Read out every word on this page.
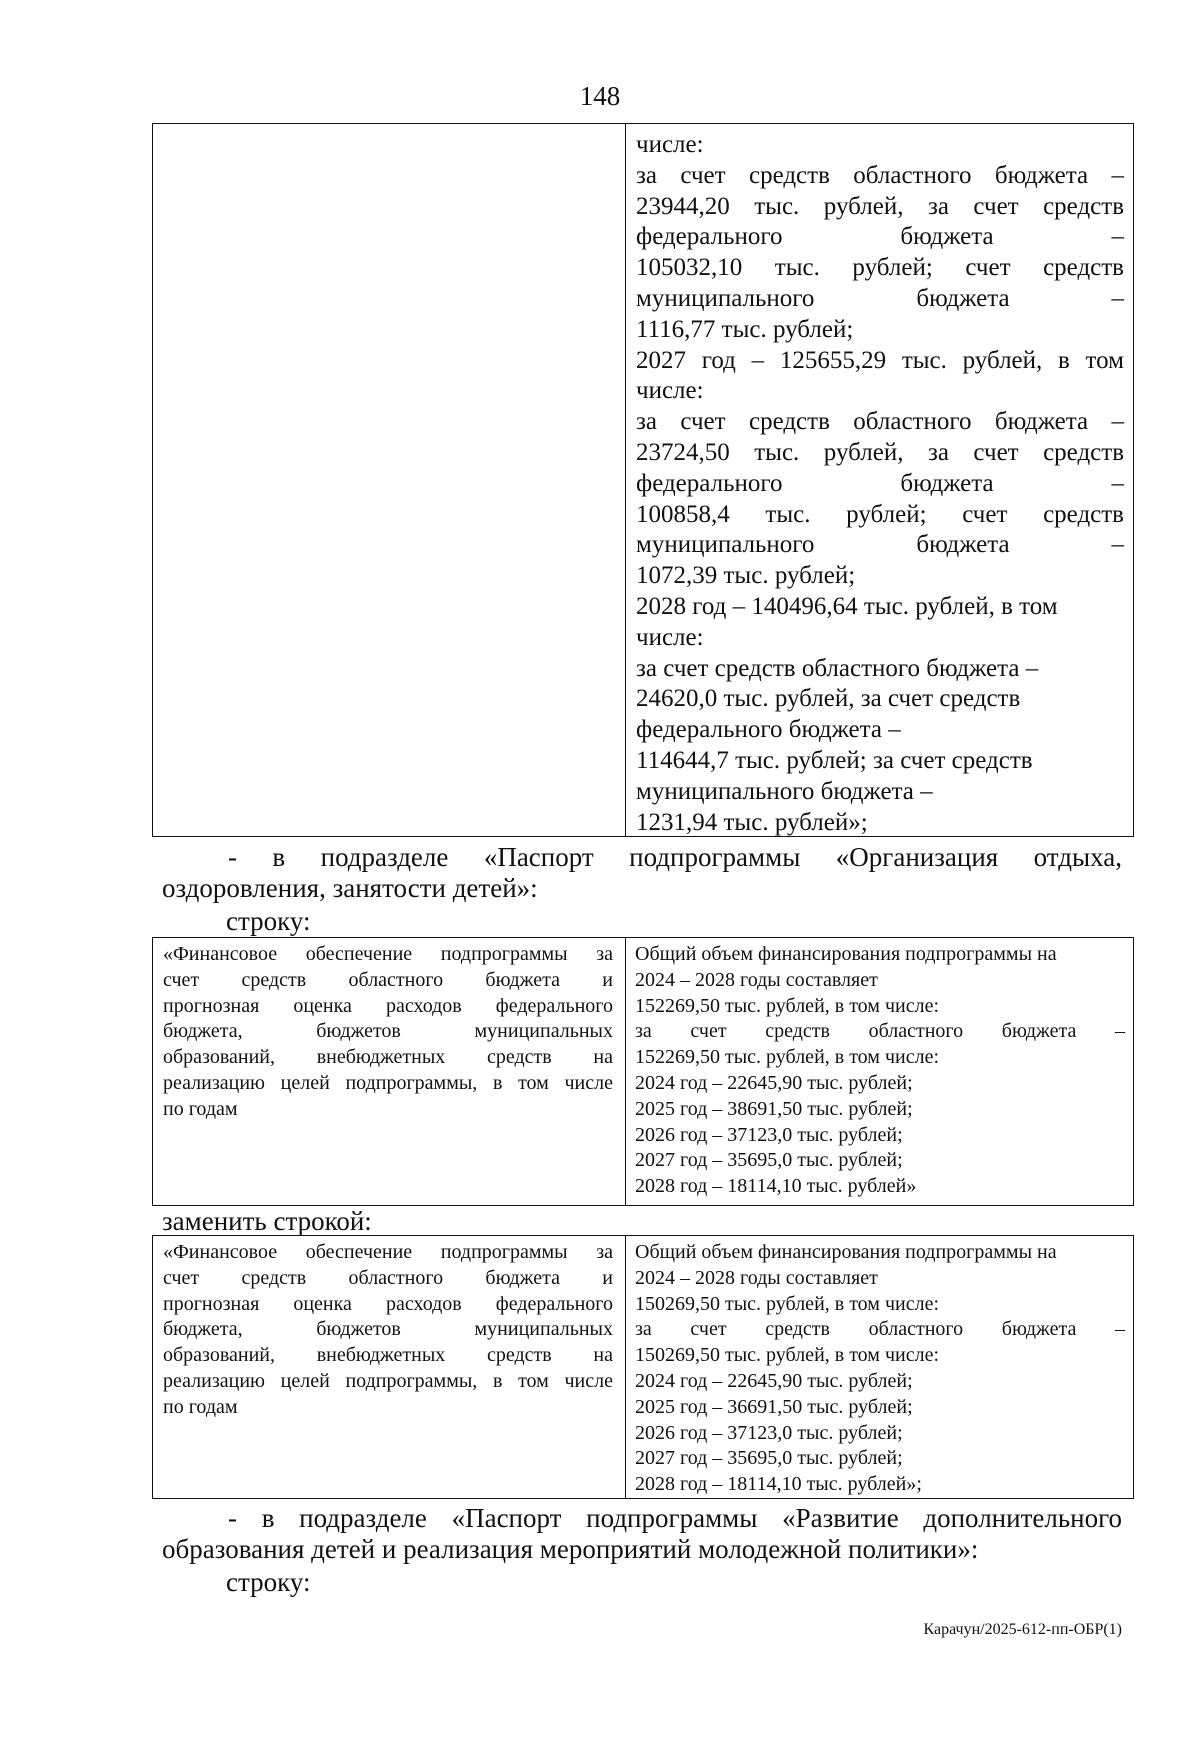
148
числе:
за счет средств областного бюджета –
23944,20 тыс. рублей, за счет средств
федерального бюджета –
105032,10 тыс. рублей; счет средств
муниципального бюджета –
1116,77 тыс. рублей;
2027 год – 125655,29 тыс. рублей, в том
числе:
за счет средств областного бюджета –
23724,50 тыс. рублей, за счет средств
федерального бюджета –
100858,4 тыс. рублей; счет средств
муниципального бюджета –
1072,39 тыс. рублей;
2028 год – 140496,64 тыс. рублей, в том
числе:
за счет средств областного бюджета –
24620,0 тыс. рублей, за счет средств
федерального бюджета –
114644,7 тыс. рублей; за счет средств
муниципального бюджета –
1231,94 тыс. рублей»;
- в подразделе «Паспорт подпрограммы «Организация отдыха,
оздоровления, занятости детей»:
строку:
«Финансовое обеспечение подпрограммы за
счет средств областного бюджета и
прогнозная оценка расходов федерального
бюджета, бюджетов муниципальных
образований, внебюджетных средств на
реализацию целей подпрограммы, в том числе
по годам
Общий объем финансирования подпрограммы на
2024 – 2028 годы составляет
152269,50 тыс. рублей, в том числе:
за счет средств областного бюджета –
152269,50 тыс. рублей, в том числе:
2024 год – 22645,90 тыс. рублей;
2025 год – 38691,50 тыс. рублей;
2026 год – 37123,0 тыс. рублей;
2027 год – 35695,0 тыс. рублей;
2028 год – 18114,10 тыс. рублей»
заменить строкой:
«Финансовое обеспечение подпрограммы за
счет средств областного бюджета и
прогнозная оценка расходов федерального
бюджета, бюджетов муниципальных
образований, внебюджетных средств на
реализацию целей подпрограммы, в том числе
по годам
Общий объем финансирования подпрограммы на
2024 – 2028 годы составляет
150269,50 тыс. рублей, в том числе:
за счет средств областного бюджета –
150269,50 тыс. рублей, в том числе:
2024 год – 22645,90 тыс. рублей;
2025 год – 36691,50 тыс. рублей;
2026 год – 37123,0 тыс. рублей;
2027 год – 35695,0 тыс. рублей;
2028 год – 18114,10 тыс. рублей»;
- в подразделе «Паспорт подпрограммы «Развитие дополнительного
образования детей и реализация мероприятий молодежной политики»:
строку:
Карачун/2025-612-пп-ОБР(1)
